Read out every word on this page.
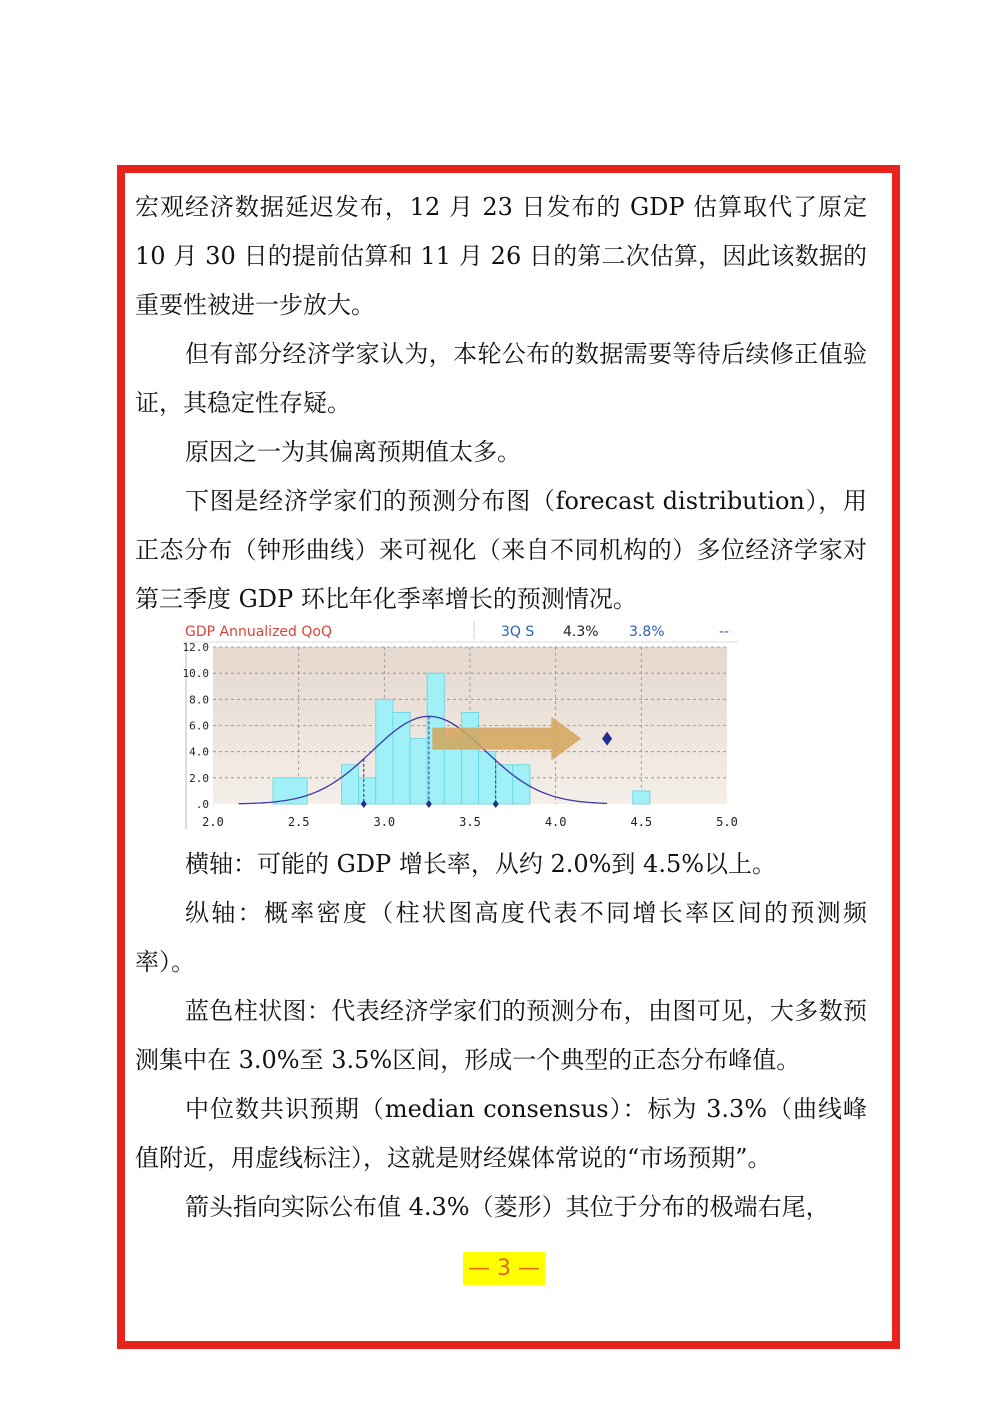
宏观经济数据延迟发布，12 月 23 日发布的 GDP 估算取代了原定 10 月 30 日的提前估算和 11 月 26 日的第二次估算，因此该数据的重要性被进一步放大。

但有部分经济学家认为，本轮公布的数据需要等待后续修正值验证，其稳定性存疑。

原因之一为其偏离预期值太多。

下图是经济学家们的预测分布图（forecast distribution），用正态分布（钟形曲线）来可视化（来自不同机构的）多位经济学家对第三季度 GDP 环比年化季率增长的预测情况。

GDP Annualized QoQ	3Q S 4.3% 3.8%	--
.0
2.0
4.0
6.0
8.0
10.0
12.0
2.0	2.5	3.0	3.5	4.0	4.5	5.0

横轴：可能的 GDP 增长率，从约 2.0%到 4.5%以上。

纵轴：概率密度（柱状图高度代表不同增长率区间的预测频率）。

蓝色柱状图：代表经济学家们的预测分布，由图可见，大多数预测集中在 3.0%至 3.5%区间，形成一个典型的正态分布峰值。

中位数共识预期（median consensus）：标为 3.3%（曲线峰值附近，用虚线标注），这就是财经媒体常说的“市场预期”。

箭头指向实际公布值 4.3%（菱形）其位于分布的极端右尾，

— 3 —
